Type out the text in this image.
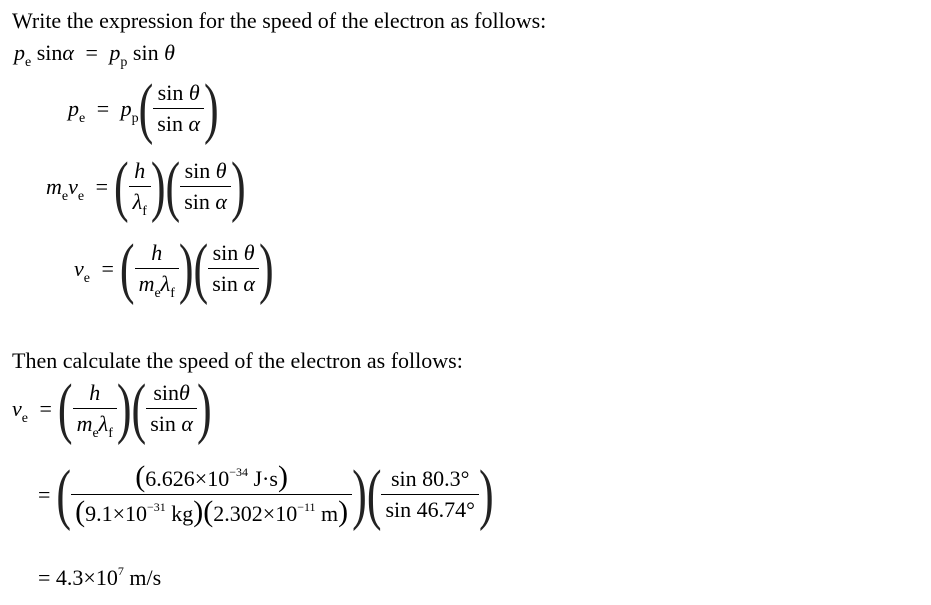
Write the expression for the speed of the electron as follows:
$p_e$ $\sin\alpha = p_p$ sin θ
$p_e = p_p$ ( $\frac{\text{sin θ}}{\text{sin α}}$ )
$m_ev_e$ = ( $\frac{h}{\lambda_f}$ ) ( $\frac{\text{sin θ}}{\text{sin α}}$ )
$v_e$ = ( $\frac{h}{m_e\lambda_f}$ ) ( $\frac{\text{sin θ}}{\text{sin α}}$ )
Then calculate the speed of the electron as follows:
$v_e$ = ( $\frac{h}{m_e\lambda_f}$ ) ( $\frac{\sin\theta}{\text{sin α}}$ )
= ( $\frac{(6.626\times 10^{-34} J\cdot s)}{(9.1\times 10^{-31} kg)(2.302\times 10^{-11} m)}$ ) ( $\frac{\sin 80.3^\circ}{\sin 46.74^\circ}$ )
= $4.3\times 10^7$ m/s
